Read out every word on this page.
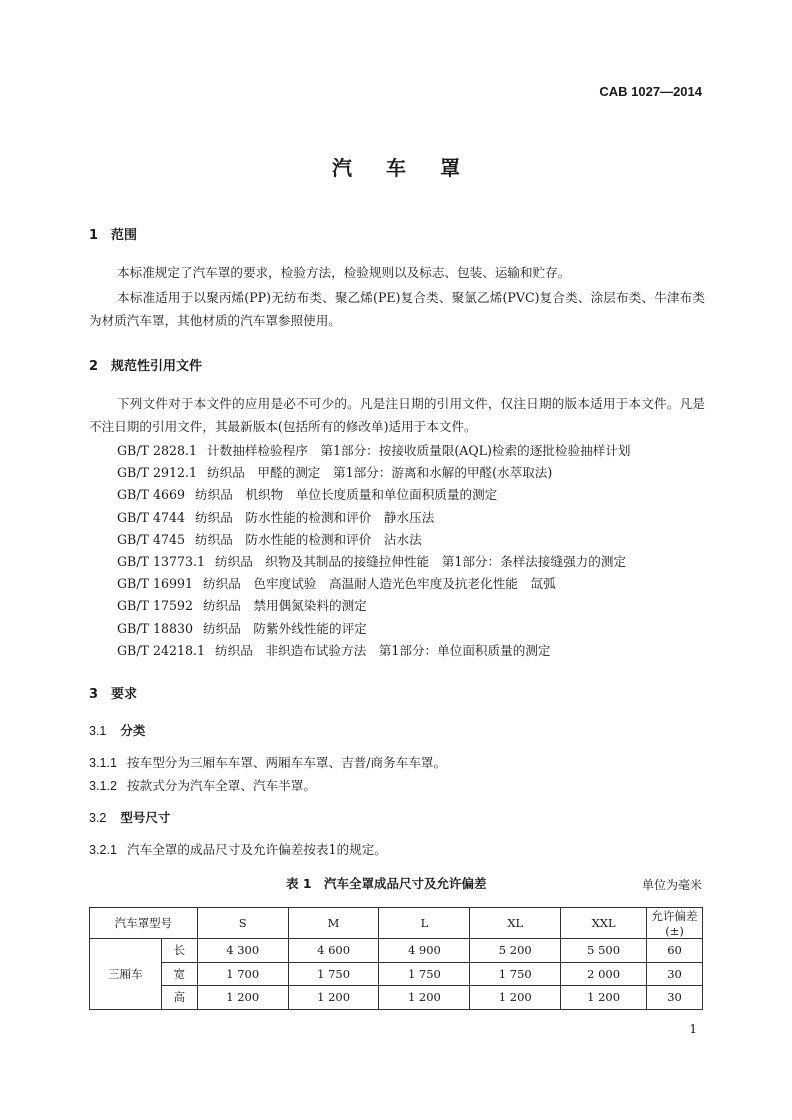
CAB 1027—2014
汽车罩
1 范围
本标准规定了汽车罩的要求，检验方法，检验规则以及标志、包装、运输和贮存。
本标准适用于以聚丙烯(PP)无纺布类、聚乙烯(PE)复合类、聚氯乙烯(PVC)复合类、涂层布类、牛津布类为材质汽车罩，其他材质的汽车罩参照使用。
2 规范性引用文件
下列文件对于本文件的应用是必不可少的。凡是注日期的引用文件，仅注日期的版本适用于本文件。凡是不注日期的引用文件，其最新版本(包括所有的修改单)适用于本文件。
GB/T 2828.1 计数抽样检验程序　第1部分：按接收质量限(AQL)检索的逐批检验抽样计划
GB/T 2912.1 纺织品　甲醛的测定　第1部分：游离和水解的甲醛(水萃取法)
GB/T 4669 纺织品　机织物　单位长度质量和单位面积质量的测定
GB/T 4744 纺织品　防水性能的检测和评价　静水压法
GB/T 4745 纺织品　防水性能的检测和评价　沾水法
GB/T 13773.1 纺织品　织物及其制品的接缝拉伸性能　第1部分：条样法接缝强力的测定
GB/T 16991 纺织品　色牢度试验　高温耐人造光色牢度及抗老化性能　氙弧
GB/T 17592 纺织品　禁用偶氮染料的测定
GB/T 18830 纺织品　防紫外线性能的评定
GB/T 24218.1 纺织品　非织造布试验方法　第1部分：单位面积质量的测定
3 要求
3.1 分类
3.1.1 按车型分为三厢车车罩、两厢车车罩、吉普/商务车车罩。
3.1.2 按款式分为汽车全罩、汽车半罩。
3.2 型号尺寸
3.2.1 汽车全罩的成品尺寸及允许偏差按表1的规定。
表 1　汽车全罩成品尺寸及允许偏差	单位为毫米
汽车罩型号		S	M	L	XL	XXL	允许偏差(±)
三厢车	长	4 300	4 600	4 900	5 200	5 500	60
	宽	1 700	1 750	1 750	1 750	2 000	30
	高	1 200	1 200	1 200	1 200	1 200	30
1
